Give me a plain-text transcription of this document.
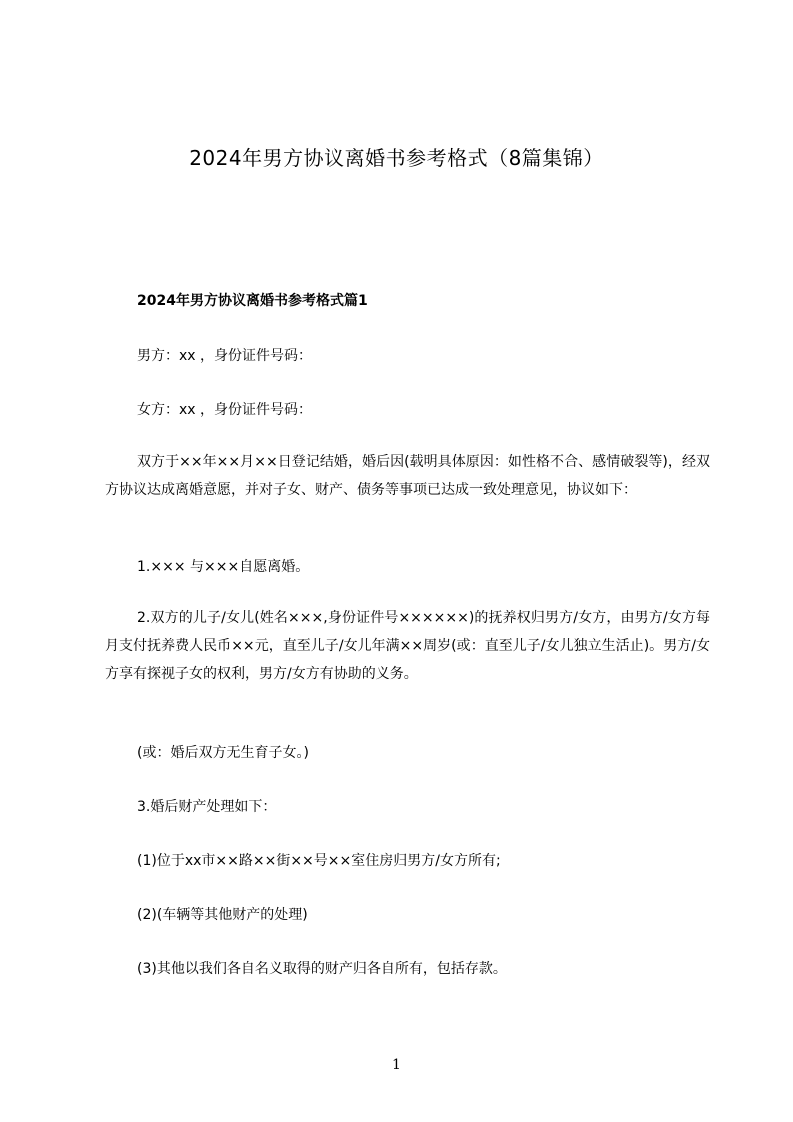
2024年男方协议离婚书参考格式（8篇集锦）
2024年男方协议离婚书参考格式篇1
男方：xx ，身份证件号码：
女方：xx ，身份证件号码：
双方于××年××月××日登记结婚，婚后因(载明具体原因：如性格不合、感情破裂等)，经双方协议达成离婚意愿，并对子女、财产、债务等事项已达成一致处理意见，协议如下：
1.××× 与×××自愿离婚。
2.双方的儿子/女儿(姓名×××,身份证件号××××××)的抚养权归男方/女方，由男方/女方每月支付抚养费人民币××元，直至儿子/女儿年满××周岁(或：直至儿子/女儿独立生活止)。男方/女方享有探视子女的权利，男方/女方有协助的义务。
(或：婚后双方无生育子女。)
3.婚后财产处理如下：
(1)位于xx市××路××街××号××室住房归男方/女方所有;
(2)(车辆等其他财产的处理)
(3)其他以我们各自名义取得的财产归各自所有，包括存款。
1
